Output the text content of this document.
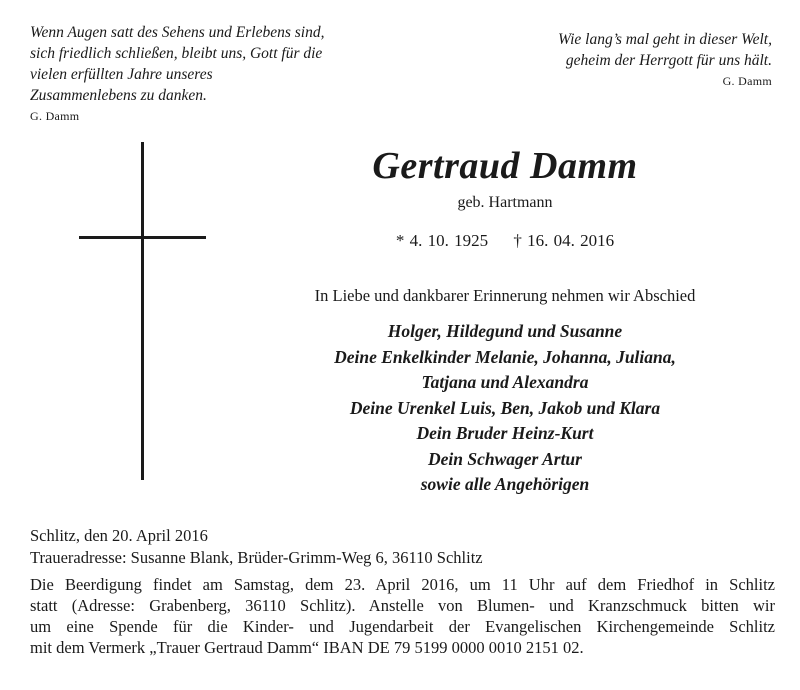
Wenn Augen satt des Sehens und Erlebens sind,
sich friedlich schließen, bleibt uns, Gott für die
vielen erfüllten Jahre unseres
Zusammenlebens zu danken.
G. Damm
Wie lang’s mal geht in dieser Welt,
geheim der Herrgott für uns hält.
G. Damm
Gertraud Damm
geb. Hartmann
* 4. 10. 1925 † 16. 04. 2016
In Liebe und dankbarer Erinnerung nehmen wir Abschied
Holger, Hildegund und Susanne
Deine Enkelkinder Melanie, Johanna, Juliana,
Tatjana und Alexandra
Deine Urenkel Luis, Ben, Jakob und Klara
Dein Bruder Heinz-Kurt
Dein Schwager Artur
sowie alle Angehörigen
Schlitz, den 20. April 2016
Traueradresse: Susanne Blank, Brüder-Grimm-Weg 6, 36110 Schlitz
Die Beerdigung findet am Samstag, dem 23. April 2016, um 11 Uhr auf dem Friedhof in Schlitz
statt (Adresse: Grabenberg, 36110 Schlitz). Anstelle von Blumen- und Kranzschmuck bitten wir
um eine Spende für die Kinder- und Jugendarbeit der Evangelischen Kirchengemeinde Schlitz
mit dem Vermerk „Trauer Gertraud Damm“ IBAN DE 79 5199 0000 0010 2151 02.
